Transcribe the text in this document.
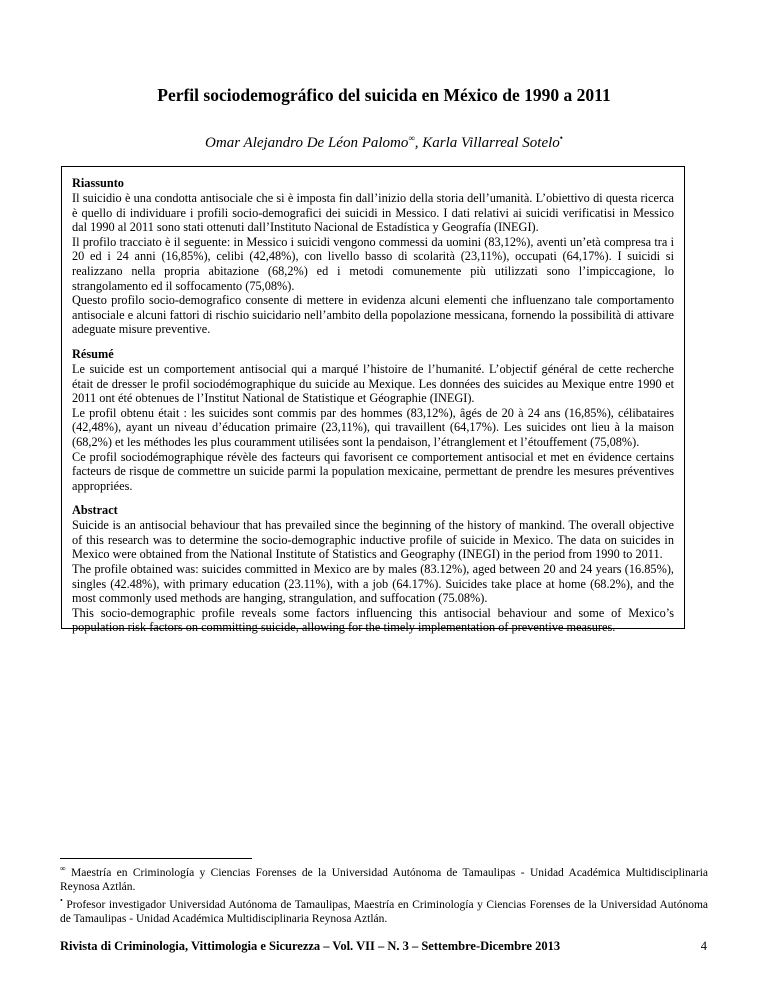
Perfil sociodemográfico del suicida en México de 1990 a 2011
Omar Alejandro De Léon Palomo∞, Karla Villarreal Sotelo•
Riassunto

Il suicidio è una condotta antisociale che si è imposta fin dall’inizio della storia dell’umanità. L’obiettivo di questa ricerca è quello di individuare i profili socio-demografici dei suicidi in Messico. I dati relativi ai suicidi verificatisi in Messico dal 1990 al 2011 sono stati ottenuti dall’Instituto Nacional de Estadística y Geografía (INEGI).

Il profilo tracciato è il seguente: in Messico i suicidi vengono commessi da uomini (83,12%), aventi un’età compresa tra i 20 ed i 24 anni (16,85%), celibi (42,48%), con livello basso di scolarità (23,11%), occupati (64,17%). I suicidi si realizzano nella propria abitazione (68,2%) ed i metodi comunemente più utilizzati sono l’impiccagione, lo strangolamento ed il soffocamento (75,08%).

Questo profilo socio-demografico consente di mettere in evidenza alcuni elementi che influenzano tale comportamento antisociale e alcuni fattori di rischio suicidario nell’ambito della popolazione messicana, fornendo la possibilità di attivare adeguate misure preventive.

Résumé

Le suicide est un comportement antisocial qui a marqué l’histoire de l’humanité. L’objectif général de cette recherche était de dresser le profil sociodémographique du suicide au Mexique. Les données des suicides au Mexique entre 1990 et 2011 ont été obtenues de l’Institut National de Statistique et Géographie (INEGI).

Le profil obtenu était : les suicides sont commis par des hommes (83,12%), âgés de 20 à 24 ans (16,85%), célibataires (42,48%), ayant un niveau d’éducation primaire (23,11%), qui travaillent (64,17%). Les suicides ont lieu à la maison (68,2%) et les méthodes les plus couramment utilisées sont la pendaison, l’étranglement et l’étouffement (75,08%).

Ce profil sociodémographique révèle des facteurs qui favorisent ce comportement antisocial et met en évidence certains facteurs de risque de commettre un suicide parmi la population mexicaine, permettant de prendre les mesures préventives appropriées.

Abstract

Suicide is an antisocial behaviour that has prevailed since the beginning of the history of mankind. The overall objective of this research was to determine the socio-demographic inductive profile of suicide in Mexico. The data on suicides in Mexico were obtained from the National Institute of Statistics and Geography (INEGI) in the period from 1990 to 2011.

The profile obtained was: suicides committed in Mexico are by males (83.12%), aged between 20 and 24 years (16.85%), singles (42.48%), with primary education (23.11%), with a job (64.17%). Suicides take place at home (68.2%), and the most commonly used methods are hanging, strangulation, and suffocation (75.08%).

This socio-demographic profile reveals some factors influencing this antisocial behaviour and some of Mexico’s population risk factors on committing suicide, allowing for the timely implementation of preventive measures.

∞ Maestría en Criminología y Ciencias Forenses de la Universidad Autónoma de Tamaulipas - Unidad Académica Multidisciplinaria Reynosa Aztlán.

• Profesor investigador Universidad Autónoma de Tamaulipas, Maestría en Criminología y Ciencias Forenses de la Universidad Autónoma de Tamaulipas - Unidad Académica Multidisciplinaria Reynosa Aztlán.

Rivista di Criminologia, Vittimologia e Sicurezza – Vol. VII – N. 3 – Settembre-Dicembre 2013	4
